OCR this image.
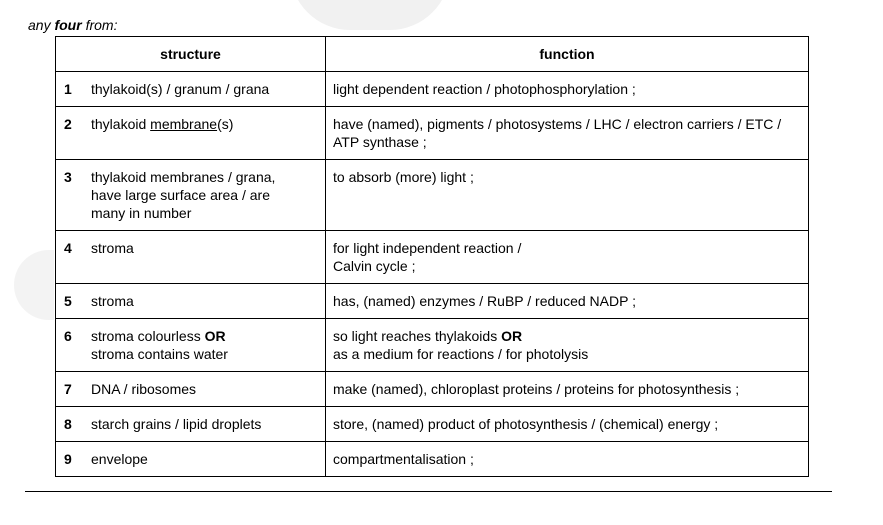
any four from:
structure	function
1 thylakoid(s) / granum / grana	light dependent reaction / photophosphorylation ;
2 thylakoid membrane(s)	have (named), pigments / photosystems / LHC / electron carriers / ETC / ATP synthase ;
3 thylakoid membranes / grana,
have large surface area / are
many in number	to absorb (more) light ;
4 stroma	for light independent reaction /
Calvin cycle ;
5 stroma	has, (named) enzymes / RuBP / reduced NADP ;
6 stroma colourless OR
stroma contains water	so light reaches thylakoids OR
as a medium for reactions / for photolysis
7 DNA / ribosomes	make (named), chloroplast proteins / proteins for photosynthesis ;
8 starch grains / lipid droplets	store, (named) product of photosynthesis / (chemical) energy ;
9 envelope	compartmentalisation ;
